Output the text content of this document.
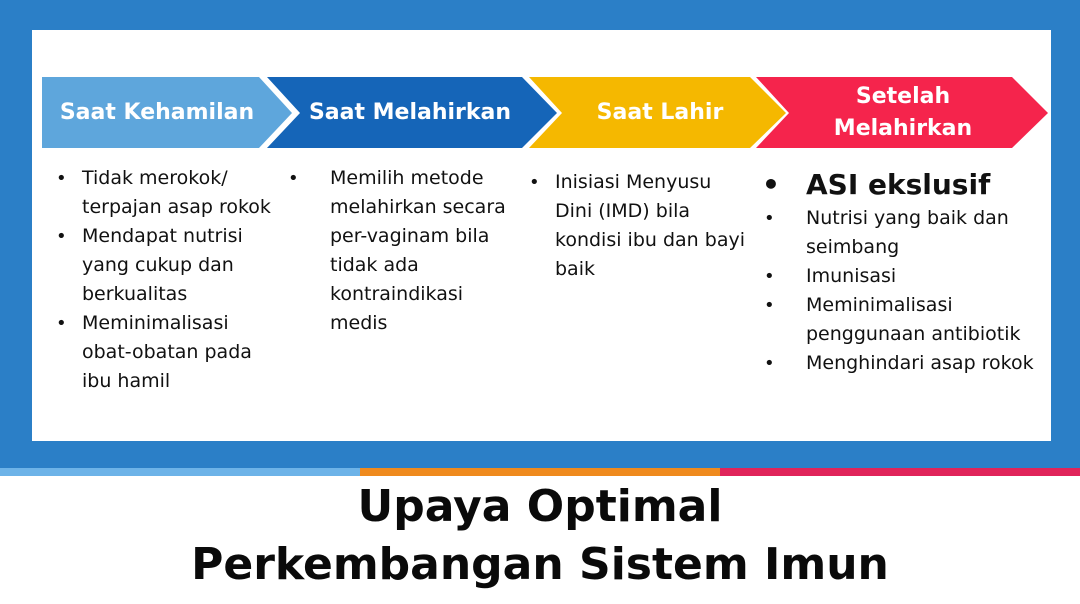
Saat Kehamilan	Saat Melahirkan	Saat Lahir
Setelah
Melahirkan
• Tidak merokok/ terpajan asap rokok
• Mendapat nutrisi yang cukup dan berkualitas
• Meminimalisasi obat-obatan pada ibu hamil
• Memilih metode melahirkan secara per-vaginam bila tidak ada kontraindikasi medis
• Inisiasi Menyusu Dini (IMD) bila kondisi ibu dan bayi baik
• ASI ekslusif
• Nutrisi yang baik dan seimbang
• Imunisasi
• Meminimalisasi penggunaan antibiotik
• Menghindari asap rokok
Upaya Optimal
Perkembangan Sistem Imun
